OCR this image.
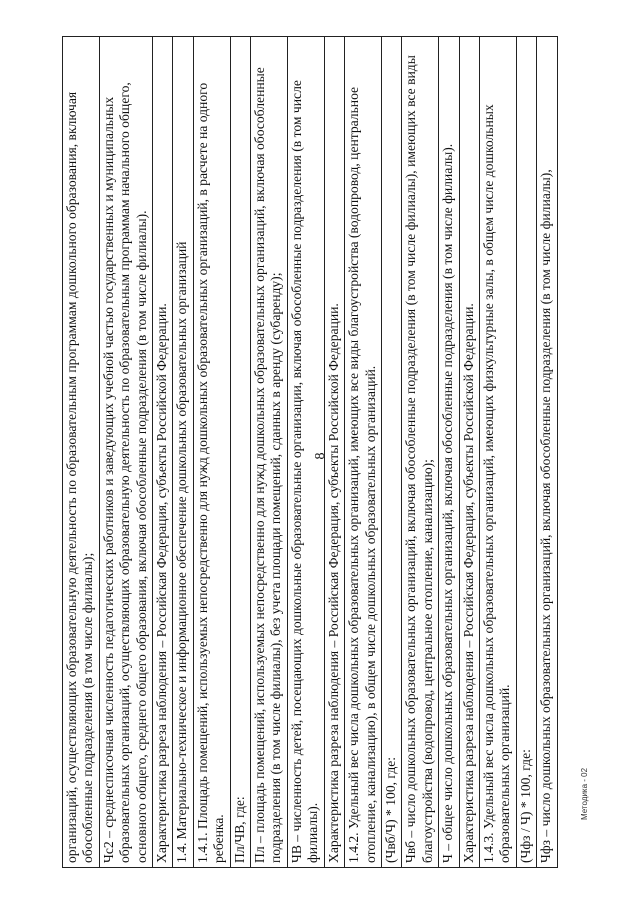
8
организаций, осуществляющих образовательную деятельность по образовательным программам дошкольного образования, включая обособленные подразделения (в том числе филиалы);
Чс2 – среднесписочная численность педагогических работников и заведующих учебной частью государственных и муниципальных образовательных организаций, осуществляющих образовательную деятельность по образовательным программам начального общего, основного общего, среднего общего образования, включая обособленные подразделения (в том числе филиалы).
Характеристика разреза наблюдения – Российская Федерация, субъекты Российской Федерации.
1.4. Материально-техническое и информационное обеспечение дошкольных образовательных организаций
1.4.1. Площадь помещений, используемых непосредственно для нужд дошкольных образовательных организаций, в расчете на одного ребенка.
Пл/ЧВ, где:
Пл – площадь помещений, используемых непосредственно для нужд дошкольных образовательных организаций, включая обособленные подразделения (в том числе филиалы), без учета площади помещений, сданных в аренду (субаренду);
ЧВ – численность детей, посещающих дошкольные образовательные организации, включая обособленные подразделения (в том числе филиалы).
Характеристика разреза наблюдения – Российская Федерация, субъекты Российской Федерации.
1.4.2. Удельный вес числа дошкольных образовательных организаций, имеющих все виды благоустройства (водопровод, центральное отопление, канализацию), в общем числе дошкольных образовательных организаций.
(Чвб/Ч) * 100, где:
Чвб – число дошкольных образовательных организаций, включая обособленные подразделения (в том числе филиалы), имеющих все виды благоустройства (водопровод, центральное отопление, канализацию);
Ч – общее число дошкольных образовательных организаций, включая обособленные подразделения (в том числе филиалы).
Характеристика разреза наблюдения – Российская Федерация, субъекты Российской Федерации.
1.4.3. Удельный вес числа дошкольных образовательных организаций, имеющих физкультурные залы, в общем числе дошкольных образовательных организаций.
(Чфз / Ч) * 100, где:
Чфз – число дошкольных образовательных организаций, включая обособленные подразделения (в том числе филиалы),	Методика - 02
